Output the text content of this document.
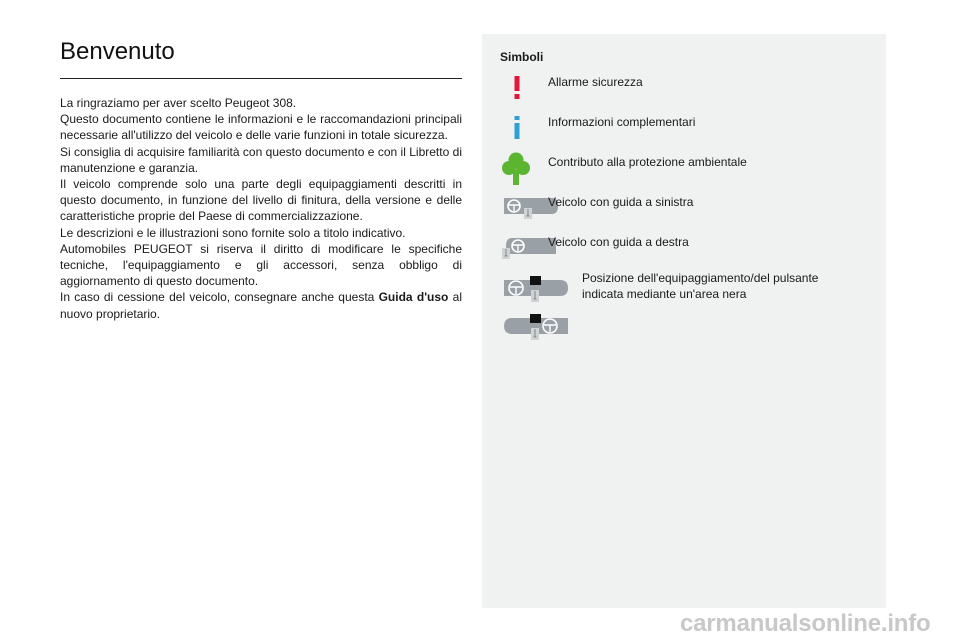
Benvenuto

La ringraziamo per aver scelto Peugeot 308.

Questo documento contiene le informazioni e le raccomandazioni principali necessarie all'utilizzo del veicolo e delle varie funzioni in totale sicurezza.

Si consiglia di acquisire familiarità con questo documento e con il Libretto di manutenzione e garanzia.

Il veicolo comprende solo una parte degli equipaggiamenti descritti in questo documento, in funzione del livello di finitura, della versione e delle caratteristiche proprie del Paese di commercializzazione.

Le descrizioni e le illustrazioni sono fornite solo a titolo indicativo.

Automobiles PEUGEOT si riserva il diritto di modificare le specifiche tecniche, l'equipaggiamento e gli accessori, senza obbligo di aggiornamento di questo documento.

In caso di cessione del veicolo, consegnare anche questa Guida d'uso al nuovo proprietario.

Simboli
Allarme sicurezza
Informazioni complementari
Contributo alla protezione ambientale
Veicolo con guida a sinistra
Veicolo con guida a destra
Posizione dell'equipaggiamento/del pulsante indicata mediante un'area nera
carmanualsonline.info
